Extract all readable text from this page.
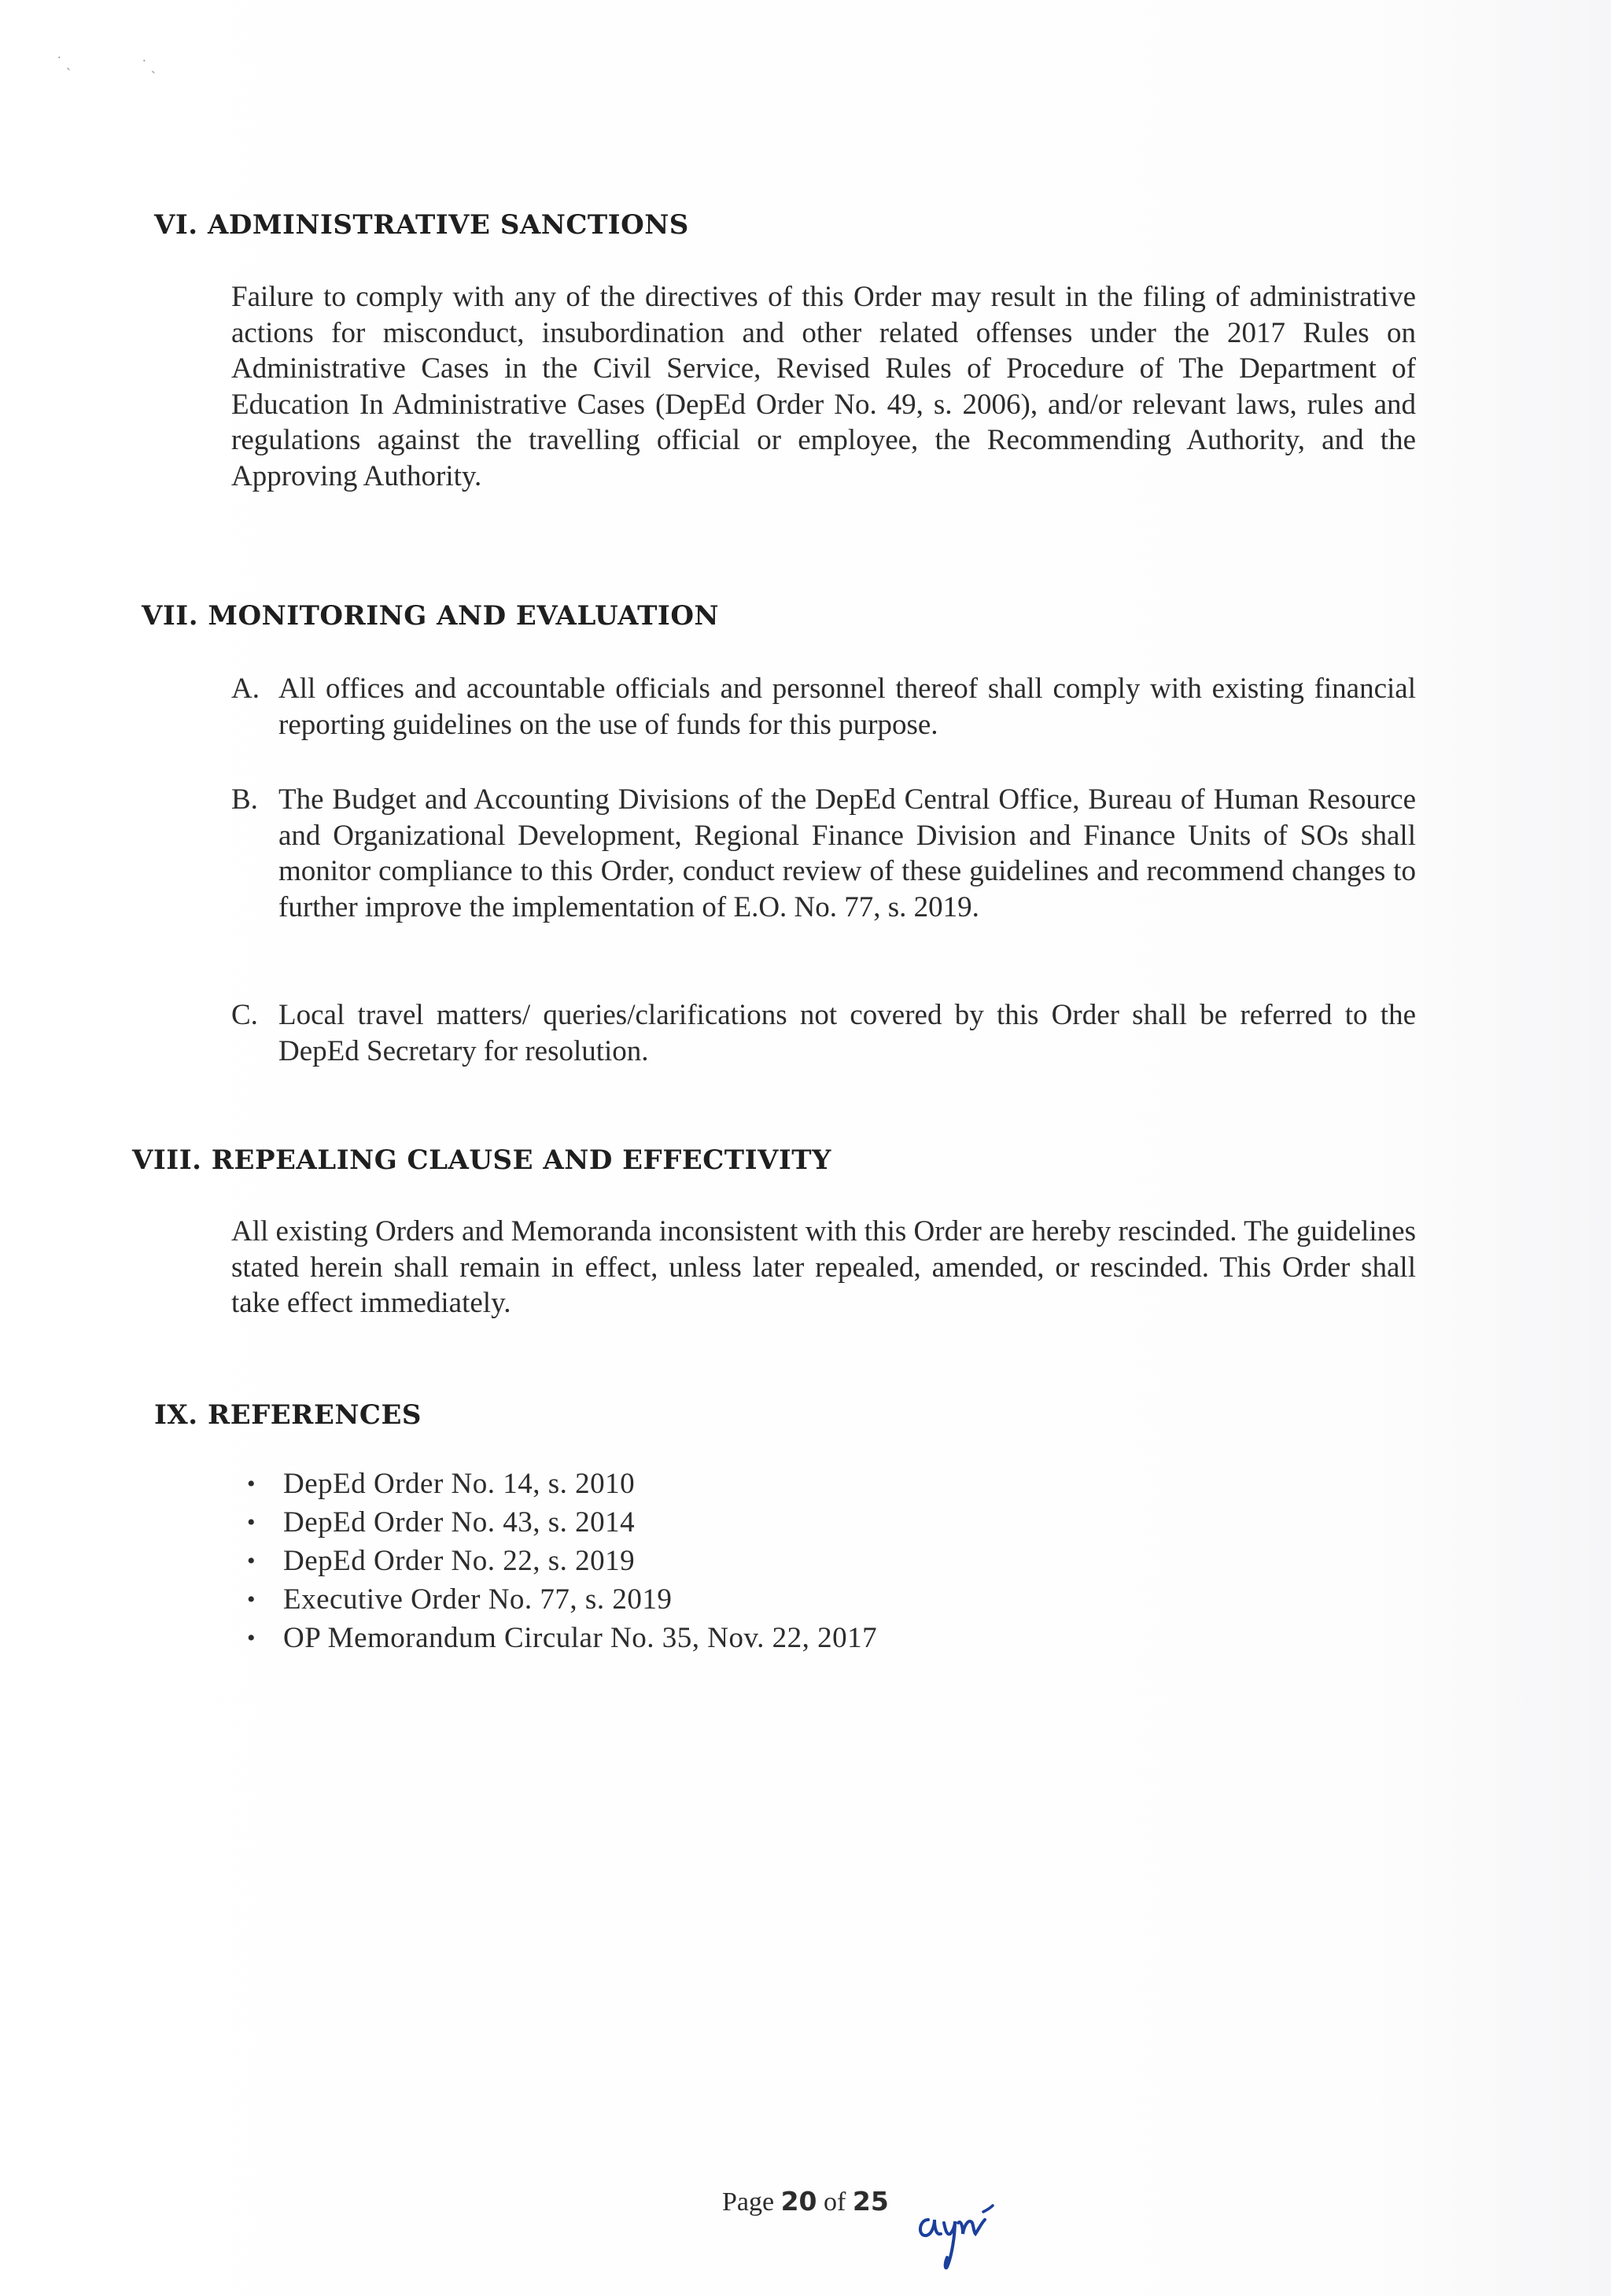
˙ ˏ	˙ ˎ
VI. ADMINISTRATIVE SANCTIONS
Failure to comply with any of the directives of this Order may result in the filing of administrative actions for misconduct, insubordination and other related offenses under the 2017 Rules on Administrative Cases in the Civil Service, Revised Rules of Procedure of The Department of Education In Administrative Cases (DepEd Order No. 49, s. 2006), and/or relevant laws, rules and regulations against the travelling official or employee, the Recommending Authority, and the Approving Authority.
VII. MONITORING AND EVALUATION
A. All offices and accountable officials and personnel thereof shall comply with existing financial reporting guidelines on the use of funds for this purpose.
B. The Budget and Accounting Divisions of the DepEd Central Office, Bureau of Human Resource and Organizational Development, Regional Finance Division and Finance Units of SOs shall monitor compliance to this Order, conduct review of these guidelines and recommend changes to further improve the implementation of E.O. No. 77, s. 2019.
C. Local travel matters/ queries/clarifications not covered by this Order shall be referred to the DepEd Secretary for resolution.
VIII. REPEALING CLAUSE AND EFFECTIVITY
All existing Orders and Memoranda inconsistent with this Order are hereby rescinded. The guidelines stated herein shall remain in effect, unless later repealed, amended, or rescinded. This Order shall take effect immediately.
IX. REFERENCES
• DepEd Order No. 14, s. 2010
• DepEd Order No. 43, s. 2014
• DepEd Order No. 22, s. 2019
• Executive Order No. 77, s. 2019
• OP Memorandum Circular No. 35, Nov. 22, 2017
Page 20 of 25
